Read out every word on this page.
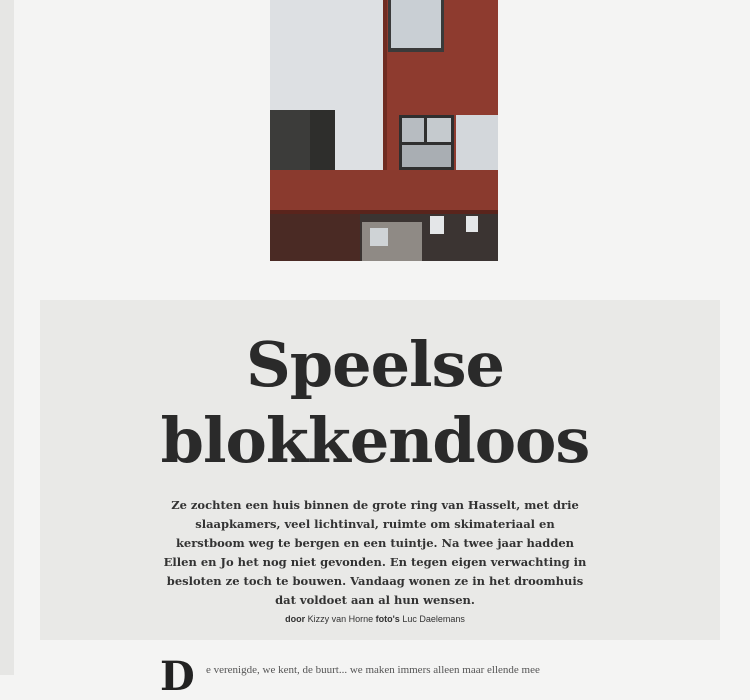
Speelse
blokkendoos

Ze zochten een huis binnen de grote ring van Hasselt, met drie slaapkamers, veel lichtinval, ruimte om skimateriaal en kerstboom weg te bergen en een tuintje. Na twee jaar hadden Ellen en Jo het nog niet gevonden. En tegen eigen verwachting in besloten ze toch te bouwen. Vandaag wonen ze in het droomhuis dat voldoet aan al hun wensen.

door Kizzy van Horne foto's Luc Daelemans
D e verenigde, we kent, de buurt... we maken immers alleen maar ellende mee
